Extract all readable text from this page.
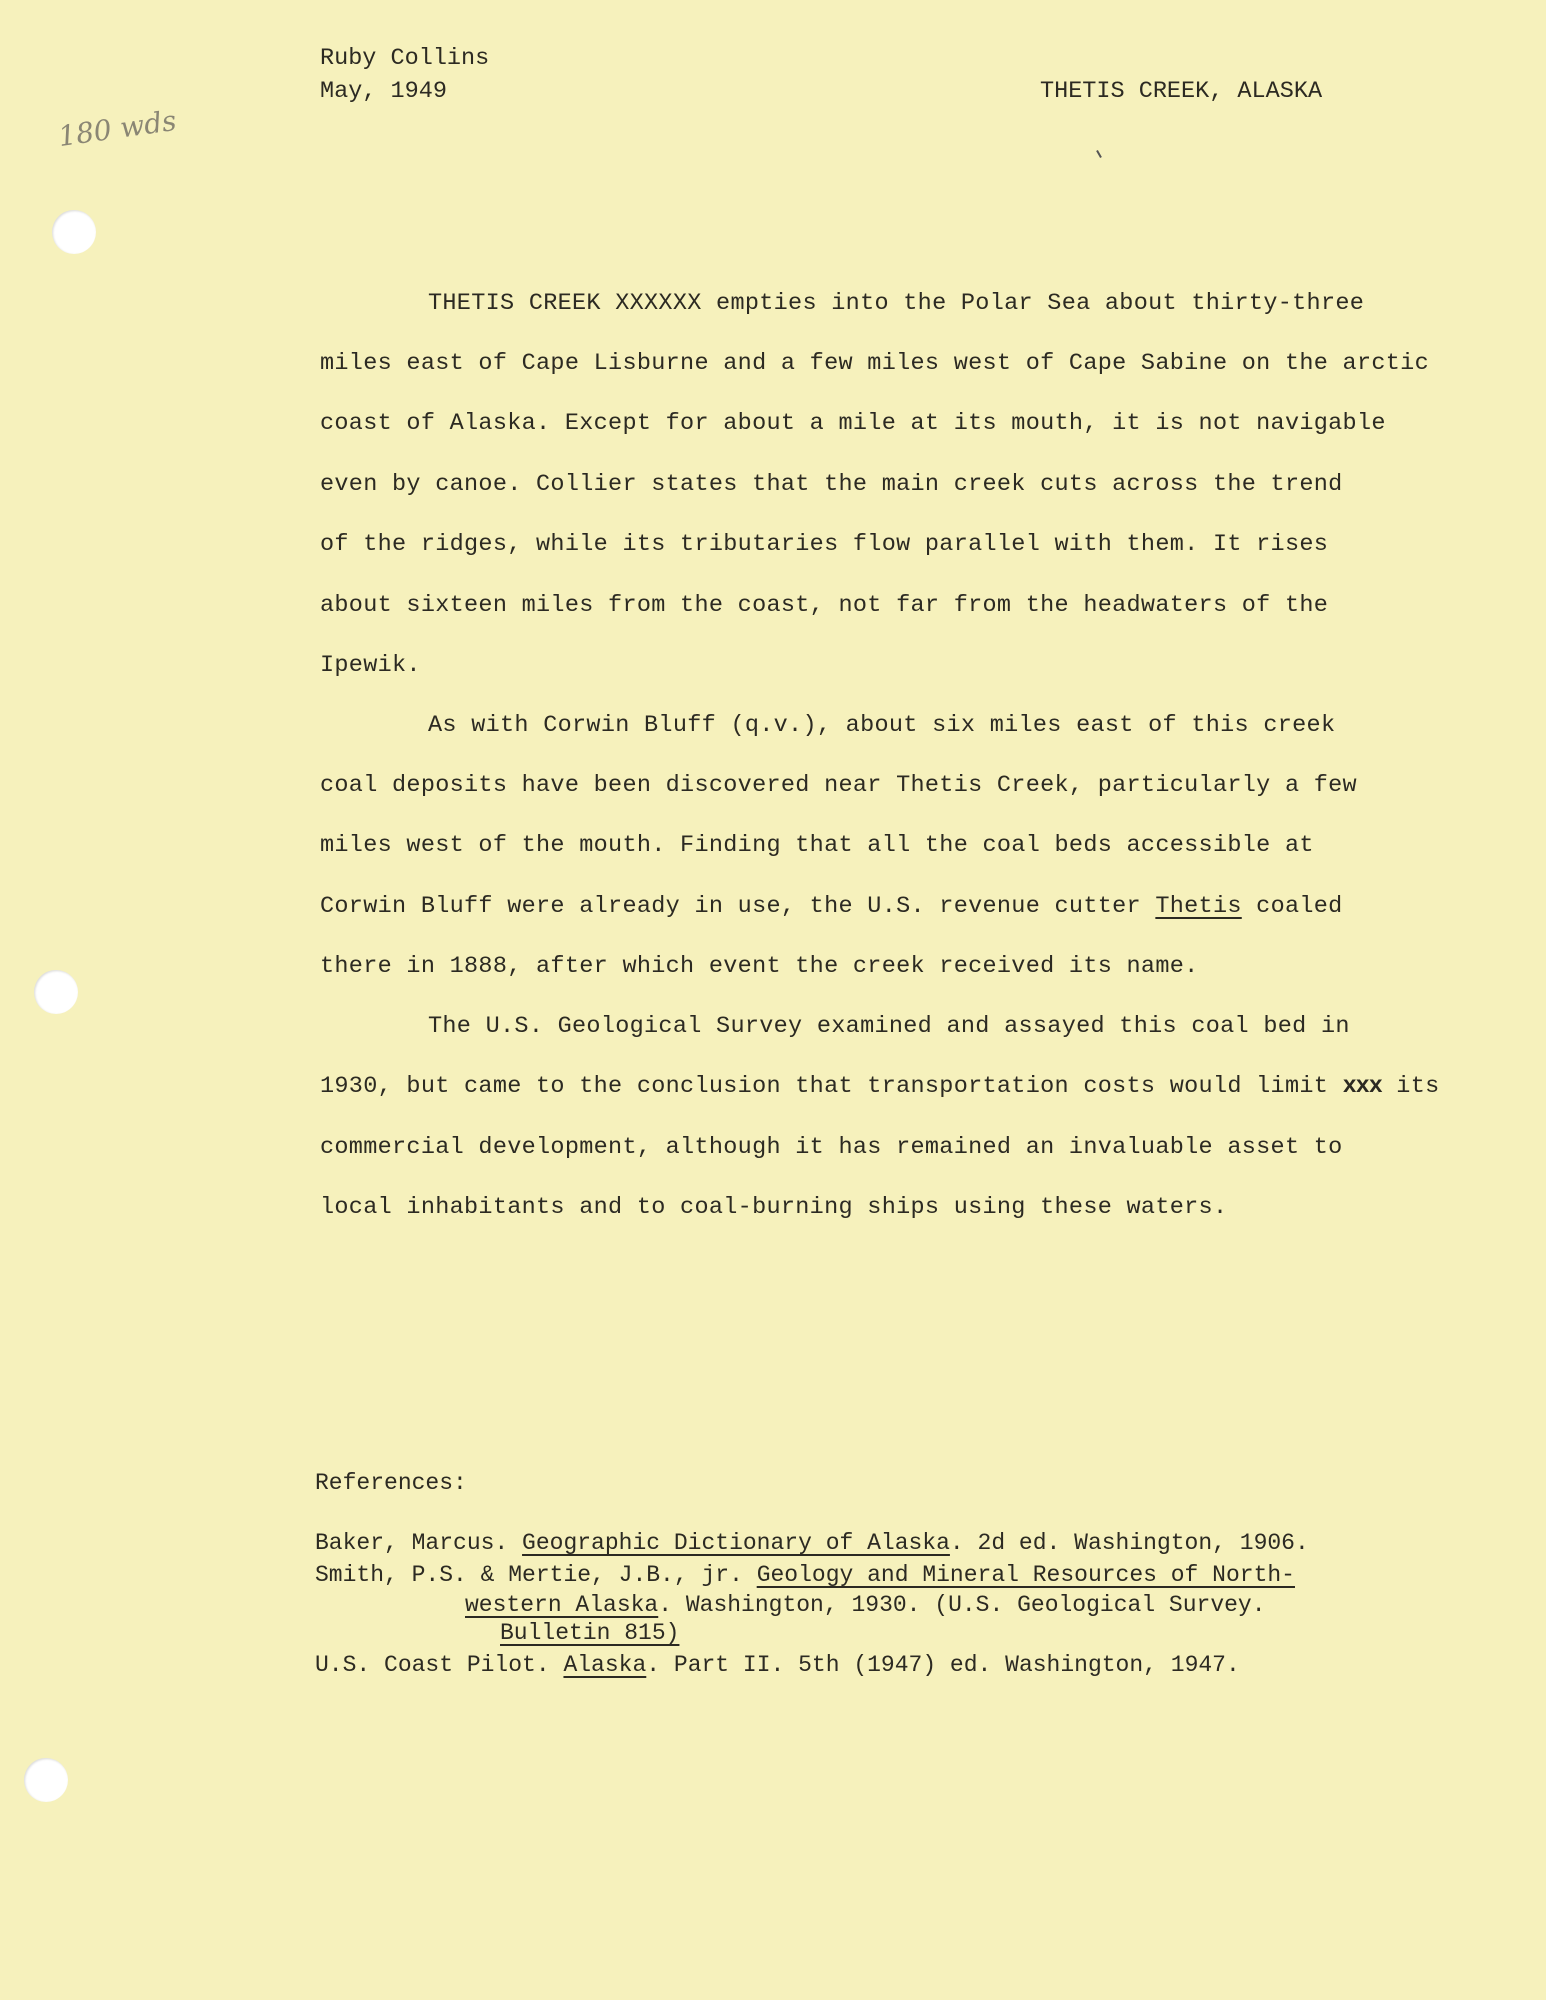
180 wds
Ruby Collins
May, 1949	THETIS CREEK, ALASKA
THETIS CREEK XXXXXX empties into the Polar Sea about thirty-three
miles east of Cape Lisburne and a few miles west of Cape Sabine on the arctic
coast of Alaska. Except for about a mile at its mouth, it is not navigable
even by canoe. Collier states that the main creek cuts across the trend
of the ridges, while its tributaries flow parallel with them. It rises
about sixteen miles from the coast, not far from the headwaters of the
Ipewik.
As with Corwin Bluff (q.v.), about six miles east of this creek
coal deposits have been discovered near Thetis Creek, particularly a few
miles west of the mouth. Finding that all the coal beds accessible at
Corwin Bluff were already in use, the U.S. revenue cutter Thetis coaled
there in 1888, after which event the creek received its name.
The U.S. Geological Survey examined and assayed this coal bed in
1930, but came to the conclusion that transportation costs would limit xxx its
commercial development, although it has remained an invaluable asset to
local inhabitants and to coal-burning ships using these waters.
References:
Baker, Marcus. Geographic Dictionary of Alaska. 2d ed. Washington, 1906.
Smith, P.S. & Mertie, J.B., jr. Geology and Mineral Resources of North-
western Alaska. Washington, 1930. (U.S. Geological Survey.
Bulletin 815)
U.S. Coast Pilot. Alaska. Part II. 5th (1947) ed. Washington, 1947.
